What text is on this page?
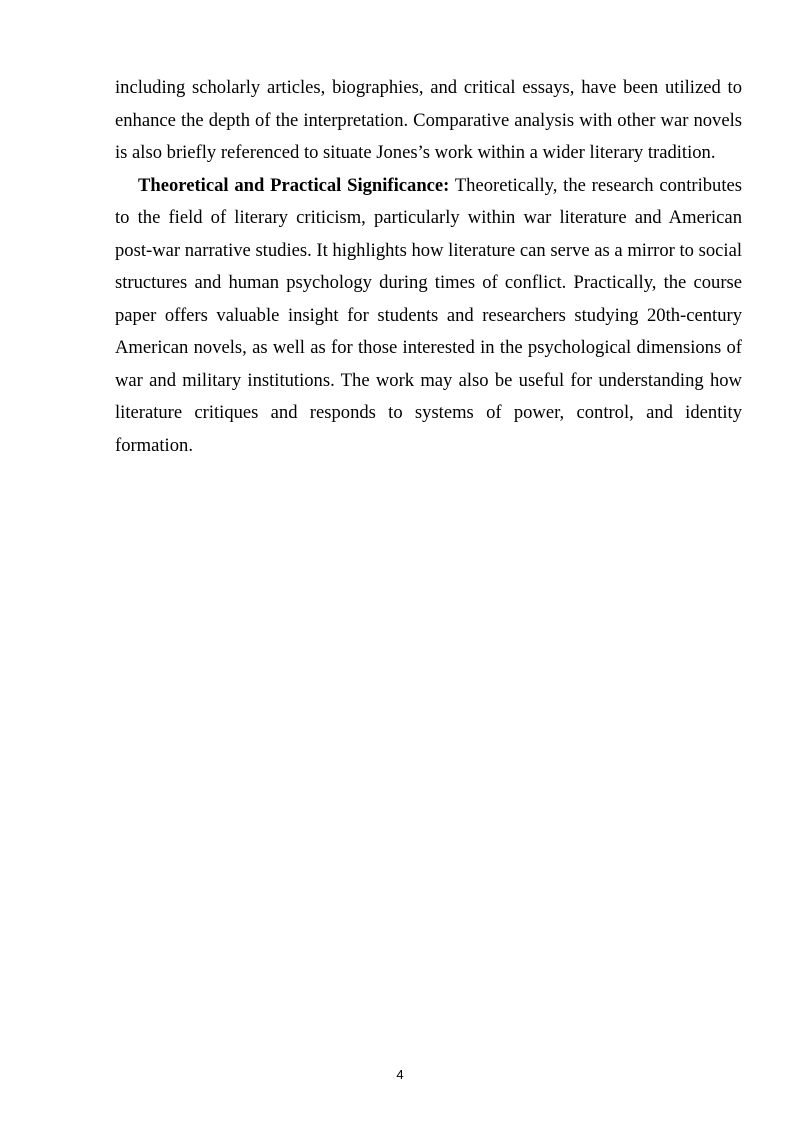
including scholarly articles, biographies, and critical essays, have been utilized to enhance the depth of the interpretation. Comparative analysis with other war novels is also briefly referenced to situate Jones’s work within a wider literary tradition.

Theoretical and Practical Significance: Theoretically, the research contributes to the field of literary criticism, particularly within war literature and American post-war narrative studies. It highlights how literature can serve as a mirror to social structures and human psychology during times of conflict. Practically, the course paper offers valuable insight for students and researchers studying 20th-century American novels, as well as for those interested in the psychological dimensions of war and military institutions. The work may also be useful for understanding how literature critiques and responds to systems of power, control, and identity formation.

4
